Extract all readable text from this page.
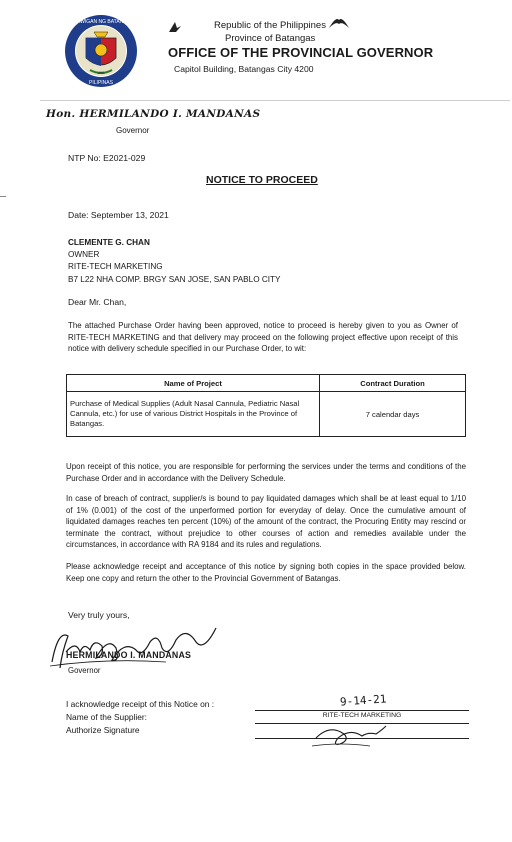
LALAWIGAN NG BATANGAS
PILIPINAS
1581
Republic of the Philippines
Province of Batangas
OFFICE OF THE PROVINCIAL GOVERNOR
Capitol Building, Batangas City 4200
Hon. HERMILANDO I. MANDANAS
Governor
NTP No: E2021-029
NOTICE TO PROCEED
Date: September 13, 2021
CLEMENTE G. CHAN
OWNER
RITE-TECH MARKETING
B7 L22 NHA COMP. BRGY SAN JOSE, SAN PABLO CITY
Dear Mr. Chan,
The attached Purchase Order having been approved, notice to proceed is hereby given to you as Owner of RITE-TECH MARKETING and that delivery may proceed on the following project effective upon receipt of this notice with delivery schedule specified in our Purchase Order, to wit:
Name of Project	Contract Duration
Purchase of Medical Supplies (Adult Nasal Cannula, Pediatric Nasal Cannula, etc.) for use of various District Hospitals in the Province of Batangas.	7 calendar days
Upon receipt of this notice, you are responsible for performing the services under the terms and conditions of the Purchase Order and in accordance with the Delivery Schedule.
In case of breach of contract, supplier/s is bound to pay liquidated damages which shall be at least equal to 1/10 of 1% (0.001) of the cost of the unperformed portion for everyday of delay. Once the cumulative amount of liquidated damages reaches ten percent (10%) of the amount of the contract, the Procuring Entity may rescind or terminate the contract, without prejudice to other courses of action and remedies available under the circumstances, in accordance with RA 9184 and its rules and regulations.
Please acknowledge receipt and acceptance of this notice by signing both copies in the space provided below. Keep one copy and return the other to the Provincial Government of Batangas.
Very truly yours,
HERMILANDO I. MANDANAS
Governor
I acknowledge receipt of this Notice on :
Name of the Supplier:
Authorize Signature
9-14-21
RITE-TECH MARKETING
